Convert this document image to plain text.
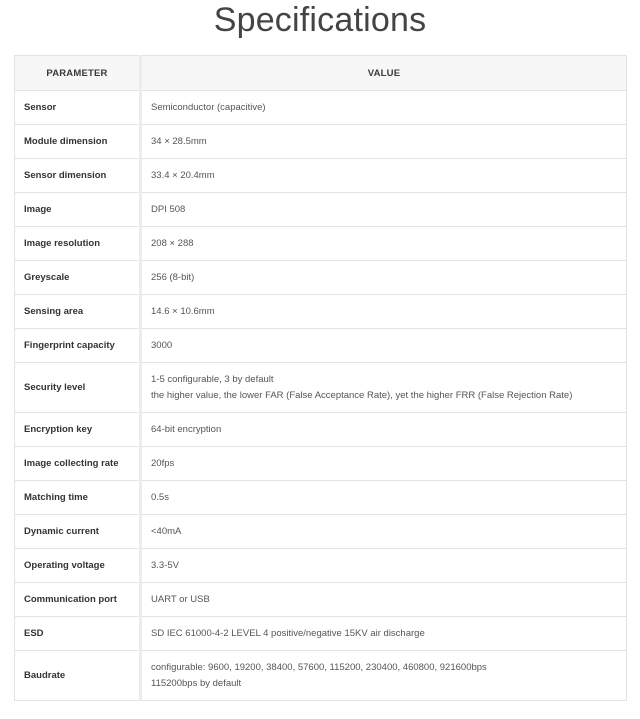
Specifications
PARAMETER	VALUE
Sensor	Semiconductor (capacitive)

Module dimension	34 × 28.5mm

Sensor dimension	33.4 × 20.4mm

Image	DPI 508

Image resolution	208 × 288

Greyscale	256 (8-bit)

Sensing area	14.6 × 10.6mm

Fingerprint capacity	3000

Security level	1-5 configurable, 3 by default
the higher value, the lower FAR (False Acceptance Rate), yet the higher FRR (False Rejection Rate)

Encryption key	64-bit encryption

Image collecting rate	20fps

Matching time	0.5s

Dynamic current	<40mA

Operating voltage	3.3-5V

Communication port	UART or USB

ESD	SD IEC 61000-4-2 LEVEL 4 positive/negative 15KV air discharge

Baudrate	configurable: 9600, 19200, 38400, 57600, 115200, 230400, 460800, 921600bps
115200bps by default
